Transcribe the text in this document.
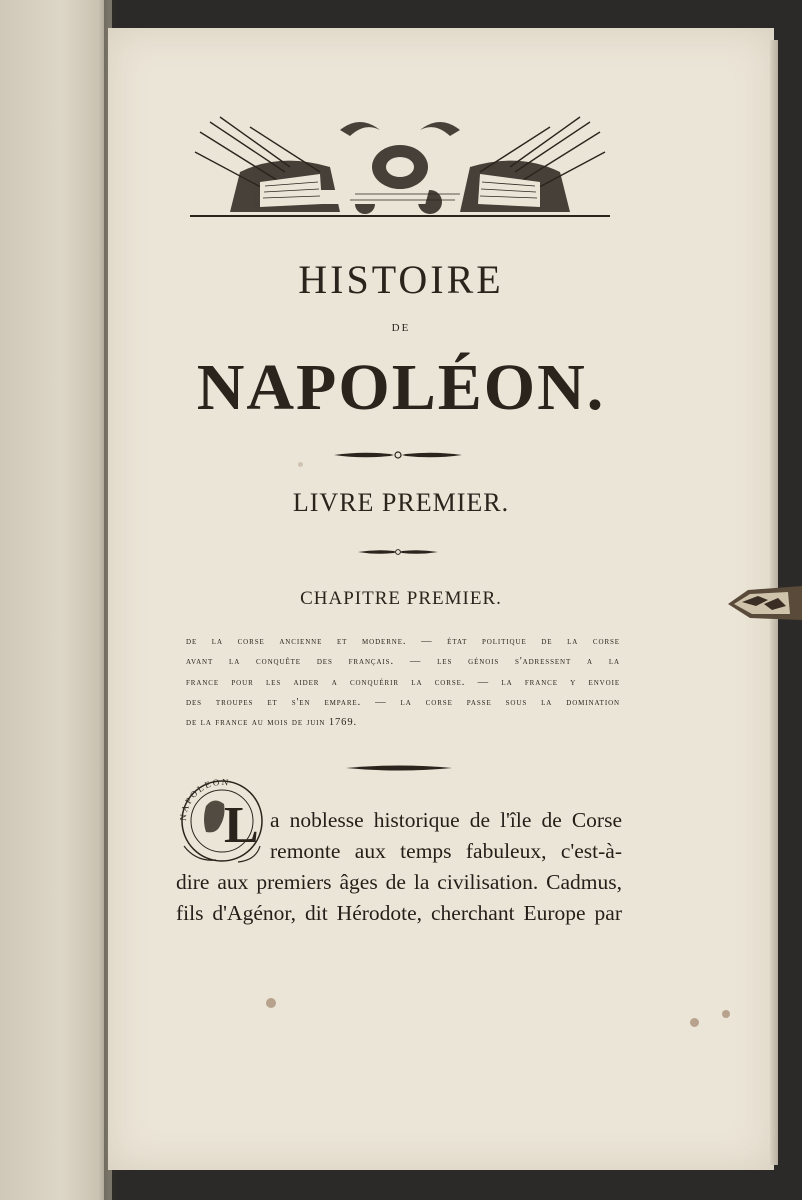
HISTOIRE
DE
NAPOLÉON.
LIVRE PREMIER.
CHAPITRE PREMIER.
de la corse ancienne et moderne. — état politique de la corse
avant la conquête des français. — les génois s'adressent a la
france pour les aider a conquérir la corse. — la france y envoie
des troupes et s'en empare. — la corse passe sous la domination
de la france au mois de juin 1769.
NAPOLEON
L a noblesse historique de l'île de Corse
remonte aux temps fabuleux, c'est-à-
dire aux premiers âges de la civilisation. Cadmus,
fils d'Agénor, dit Hérodote, cherchant Europe par
